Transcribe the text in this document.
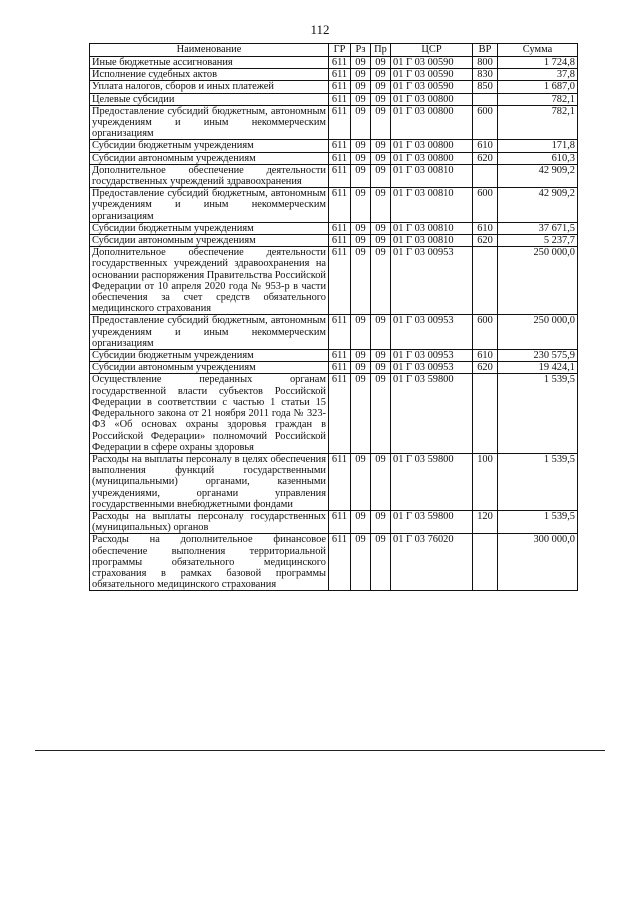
112
Наименование	ГР	Рз	Пр	ЦСР	ВР	Сумма
Иные бюджетные ассигнования	611	09	09	01 Г 03 00590	800	1 724,8
Исполнение судебных актов	611	09	09	01 Г 03 00590	830	37,8
Уплата налогов, сборов и иных платежей	611	09	09	01 Г 03 00590	850	1 687,0
Целевые субсидии	611	09	09	01 Г 03 00800		782,1
Предоставление субсидий бюджетным, автономным учреждениям и иным некоммерческим организациям	611	09	09	01 Г 03 00800	600	782,1
Субсидии бюджетным учреждениям	611	09	09	01 Г 03 00800	610	171,8
Субсидии автономным учреждениям	611	09	09	01 Г 03 00800	620	610,3
Дополнительное обеспечение деятельности государственных учреждений здравоохранения	611	09	09	01 Г 03 00810		42 909,2
Предоставление субсидий бюджетным, автономным учреждениям и иным некоммерческим организациям	611	09	09	01 Г 03 00810	600	42 909,2
Субсидии бюджетным учреждениям	611	09	09	01 Г 03 00810	610	37 671,5
Субсидии автономным учреждениям	611	09	09	01 Г 03 00810	620	5 237,7
Дополнительное обеспечение деятельности государственных учреждений здравоохранения на основании распоряжения Правительства Российской Федерации от 10 апреля 2020 года № 953-р в части обеспечения за счет средств обязательного медицинского страхования	611	09	09	01 Г 03 00953		250 000,0
Предоставление субсидий бюджетным, автономным учреждениям и иным некоммерческим организациям	611	09	09	01 Г 03 00953	600	250 000,0
Субсидии бюджетным учреждениям	611	09	09	01 Г 03 00953	610	230 575,9
Субсидии автономным учреждениям	611	09	09	01 Г 03 00953	620	19 424,1
Осуществление переданных органам государственной власти субъектов Российской Федерации в соответствии с частью 1 статьи 15 Федерального закона от 21 ноября 2011 года № 323-ФЗ «Об основах охраны здоровья граждан в Российской Федерации» полномочий Российской Федерации в сфере охраны здоровья	611	09	09	01 Г 03 59800		1 539,5
Расходы на выплаты персоналу в целях обеспечения выполнения функций государственными (муниципальными) органами, казенными учреждениями, органами управления государственными внебюджетными фондами	611	09	09	01 Г 03 59800	100	1 539,5
Расходы на выплаты персоналу государственных (муниципальных) органов	611	09	09	01 Г 03 59800	120	1 539,5
Расходы на дополнительное финансовое обеспечение выполнения территориальной программы обязательного медицинского страхования в рамках базовой программы обязательного медицинского страхования	611	09	09	01 Г 03 76020		300 000,0
